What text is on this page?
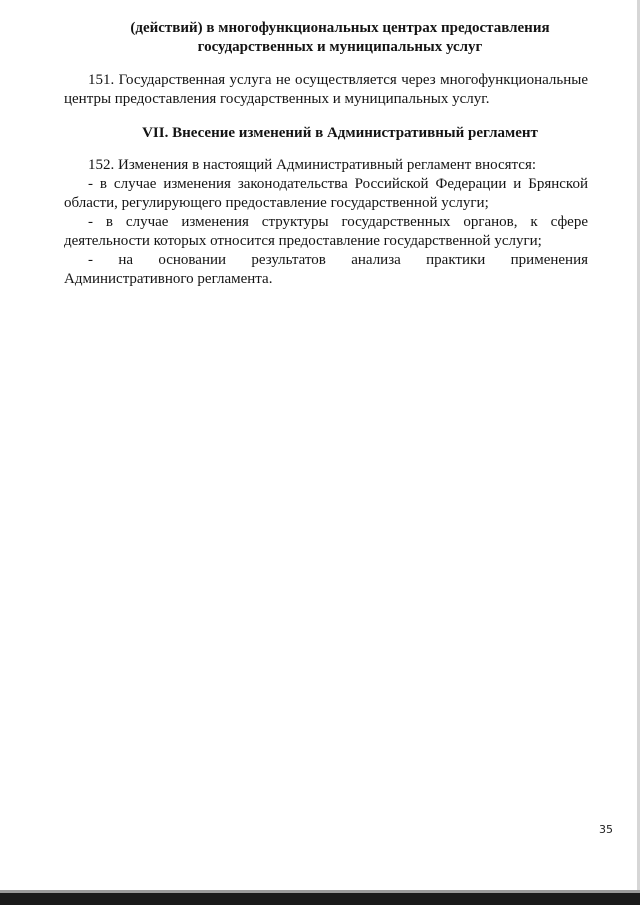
(действий) в многофункциональных центрах предоставления
государственных и муниципальных услуг
151. Государственная услуга не осуществляется через многофункциональные
центры предоставления государственных и муниципальных услуг.
VII. Внесение изменений в Административный регламент
152. Изменения в настоящий Административный регламент вносятся:
- в случае изменения законодательства Российской Федерации и Брянской
области, регулирующего предоставление государственной услуги;
- в случае изменения структуры государственных органов, к сфере
деятельности которых относится предоставление государственной услуги;
- на основании результатов анализа практики применения
Административного регламента.
35
